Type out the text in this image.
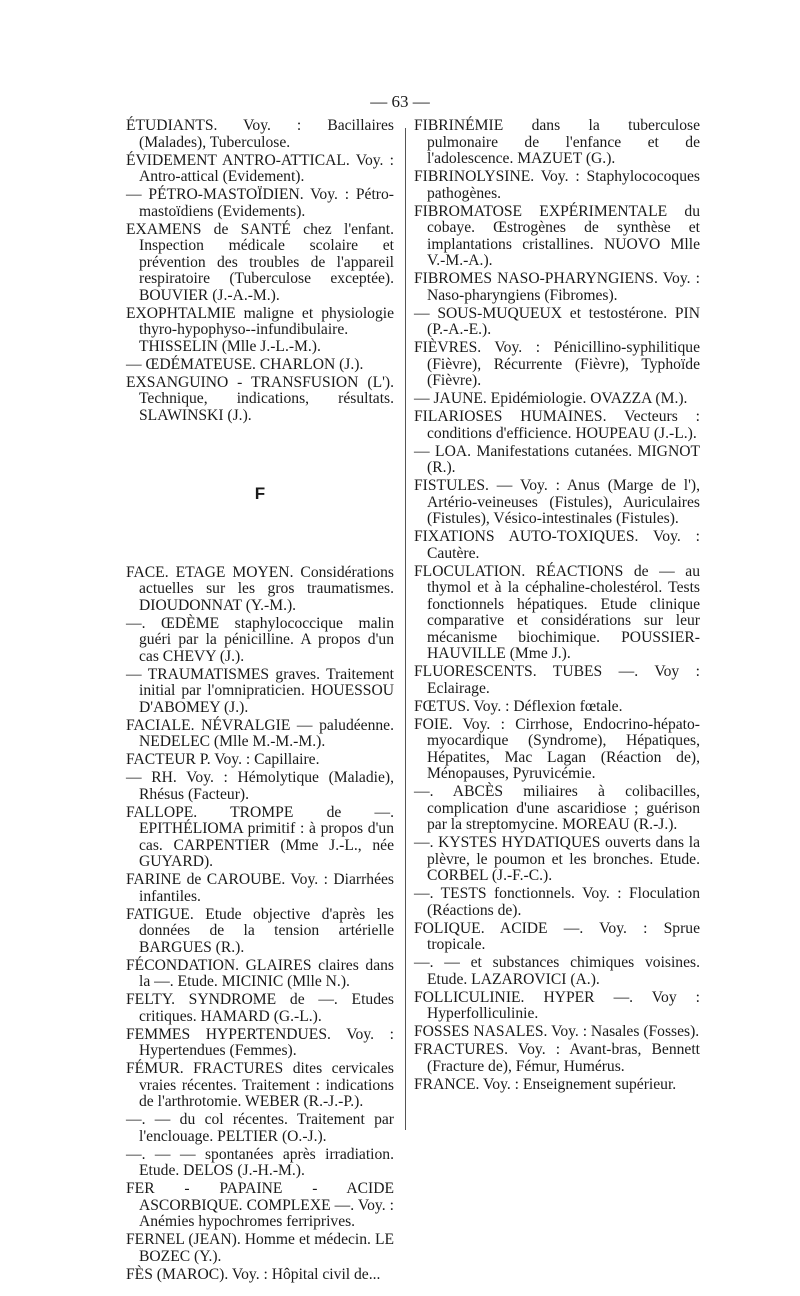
— 63 —

ÉTUDIANTS. Voy. : Bacillaires (Malades), Tuberculose.

ÉVIDEMENT ANTRO-ATTICAL. Voy. : Antro-attical (Evidement).

— PÉTRO-MASTOÏDIEN. Voy. : Pétro-mastoïdiens (Evidements).

EXAMENS de SANTÉ chez l'enfant. Inspection médicale scolaire et prévention des troubles de l'appareil respiratoire (Tuberculose exceptée). BOUVIER (J.-A.-M.).

EXOPHTALMIE maligne et physiologie thyro-hypophyso--infundibulaire. THISSELIN (Mlle J.-L.-M.).

— ŒDÉMATEUSE. CHARLON (J.).

EXSANGUINO - TRANSFUSION (L'). Technique, indications, résultats. SLAWINSKI (J.).

F

FACE. ETAGE MOYEN. Considérations actuelles sur les gros traumatismes. DIOUDONNAT (Y.-M.).

—. ŒDÈME staphylococcique malin guéri par la pénicilline. A propos d'un cas CHEVY (J.).

— TRAUMATISMES graves. Traitement initial par l'omnipraticien. HOUESSOU D'ABOMEY (J.).

FACIALE. NÉVRALGIE — paludéenne. NEDELEC (Mlle M.-M.-M.).

FACTEUR P. Voy. : Capillaire.

— RH. Voy. : Hémolytique (Maladie), Rhésus (Facteur).

FALLOPE. TROMPE de —. EPITHÉLIOMA primitif : à propos d'un cas. CARPENTIER (Mme J.-L., née GUYARD).

FARINE de CAROUBE. Voy. : Diarrhées infantiles.

FATIGUE. Etude objective d'après les données de la tension artérielle BARGUES (R.).

FÉCONDATION. GLAIRES claires dans la —. Etude. MICINIC (Mlle N.).

FELTY. SYNDROME de —. Etudes critiques. HAMARD (G.-L.).

FEMMES HYPERTENDUES. Voy. : Hypertendues (Femmes).

FÉMUR. FRACTURES dites cervicales vraies récentes. Traitement : indications de l'arthrotomie. WEBER (R.-J.-P.).

—. — du col récentes. Traitement par l'enclouage. PELTIER (O.-J.).

—. — — spontanées après irradiation. Etude. DELOS (J.-H.-M.).

FER - PAPAINE - ACIDE ASCORBIQUE. COMPLEXE —. Voy. : Anémies hypochromes ferriprives.

FERNEL (JEAN). Homme et médecin. LE BOZEC (Y.).

FÈS (MAROC). Voy. : Hôpital civil de...

FIBRINÉMIE dans la tuberculose pulmonaire de l'enfance et de l'adolescence. MAZUET (G.).

FIBRINOLYSINE. Voy. : Staphylococoques pathogènes.

FIBROMATOSE EXPÉRIMENTALE du cobaye. Œstrogènes de synthèse et implantations cristallines. NUOVO Mlle V.-M.-A.).

FIBROMES NASO-PHARYNGIENS. Voy. : Naso-pharyngiens (Fibromes).

— SOUS-MUQUEUX et testostérone. PIN (P.-A.-E.).

FIÈVRES. Voy. : Pénicillino-syphilitique (Fièvre), Récurrente (Fièvre), Typhoïde (Fièvre).

— JAUNE. Epidémiologie. OVAZZA (M.).

FILARIOSES HUMAINES. Vecteurs : conditions d'efficience. HOUPEAU (J.-L.).

— LOA. Manifestations cutanées. MIGNOT (R.).

FISTULES. — Voy. : Anus (Marge de l'), Artério-veineuses (Fistules), Auriculaires (Fistules), Vésico-intestinales (Fistules).

FIXATIONS AUTO-TOXIQUES. Voy. : Cautère.

FLOCULATION. RÉACTIONS de — au thymol et à la céphaline-cholestérol. Tests fonctionnels hépatiques. Etude clinique comparative et considérations sur leur mécanisme biochimique. POUSSIER-HAUVILLE (Mme J.).

FLUORESCENTS. TUBES —. Voy : Eclairage.

FŒTUS. Voy. : Déflexion fœtale.

FOIE. Voy. : Cirrhose, Endocrino-hépato-myocardique (Syndrome), Hépatiques, Hépatites, Mac Lagan (Réaction de), Ménopauses, Pyruvicémie.

—. ABCÈS miliaires à colibacilles, complication d'une ascaridiose ; guérison par la streptomycine. MOREAU (R.-J.).

—. KYSTES HYDATIQUES ouverts dans la plèvre, le poumon et les bronches. Etude. CORBEL (J.-F.-C.).

—. TESTS fonctionnels. Voy. : Floculation (Réactions de).

FOLIQUE. ACIDE —. Voy. : Sprue tropicale.

—. — et substances chimiques voisines. Etude. LAZAROVICI (A.).

FOLLICULINIE. HYPER —. Voy : Hyperfolliculinie.

FOSSES NASALES. Voy. : Nasales (Fosses).

FRACTURES. Voy. : Avant-bras, Bennett (Fracture de), Fémur, Humérus.

FRANCE. Voy. : Enseignement supérieur.
